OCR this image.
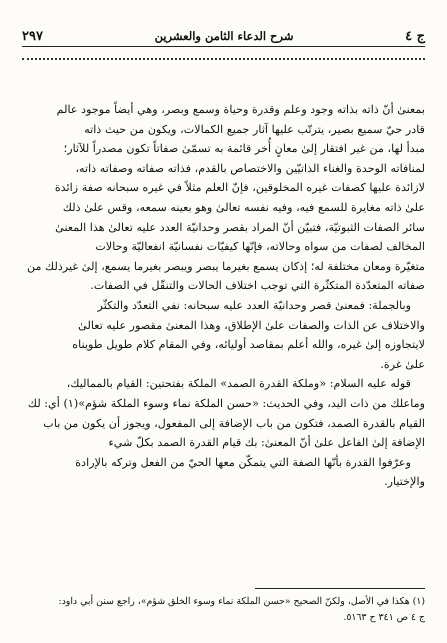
ج ٤
شرح الدعاء الثامن والعشرين
٢٩٧

بمعنىٰ أنّ ذاته بذاته وجود وعلم وقدرة وحياة وسمع وبصر، وهي أيضاً موجود عالم

قادر حيّ سميع بصير، يترتّب عليها آثار جميع الكمالات، ويكون من حيث ذاته

مبدأ لها، من غير افتقار إلىٰ معانٍ أُخر قائمة به تسمّىٰ صفاتاً تكون مصدراً للآثار؛

لمنافاته الوحدة والغناء الذاتيّين والاختصاص بالقدم، فذاته صفاته وصفاته ذاته،

لازائدة عليها كصفات غيره المخلوقين، فإنّ العلم مثلاً في غيره سبحانه صفة زائدة

علىٰ ذاته مغايرة للسمع فيه، وفيه نفسه تعالىٰ وهو بعينه سمعه، وقس علىٰ ذلك

سائر الصفات الثبوتيّة، فتبيّن أنّ المراد بقصر وحدانيّة العدد عليه تعالىٰ هذا المعنىٰ

المخالف لصفات من سواه وحالاته، فإنّها كيفيّات نفسانيّة انفعاليّة وحالات

متغيّرة ومعان مختلفة له؛ إذكان يسمع بغيرما يبصر ويبصر بغيرما يسمع، إلىٰ غيرذلك من

صفاته المتعدّدة المتكثّرة التي توجب اختلاف الحالات والتنقّل في الصفات.

وبالجملة: فمعنىٰ قصر وحدانيّة العدد عليه سبحانه: نفي التعدّد والتكثّر

والاختلاف عن الذات والصفات علىٰ الإطلاق، وهذا المعنىٰ مقصور عليه تعالىٰ

لايتجاوزه إلىٰ غيره، والله أعلم بمقاصد أوليائه، وفي المقام كلام طويل طويناه

علىٰ غرة.

قوله عليه السلام: «وملكة القدرة الصمد» الملكة بفتحتين: القيام بالمماليك،

وماعلك من ذات اليد، وفي الحديث: «حسن الملكة نماء وسوء الملكة شؤم»(١) أي: لك

القيام بالقدرة الصمد، فتكون من باب الإضافة إلى المفعول، ويجوز أن يكون من باب

الإضافة إلىٰ الفاعل علىٰ أنّ المعنىٰ: بك قيام القدرة الصمد بكلّ شيء

وعرّفوا القدرة بأنّها الصفة التي يتمكّن معها الحيّ من الفعل وتركه بالإرادة

والإختيار.

(١) هكذا في الأصل، ولكنّ الصحيح «حسن الملكة نماء وسوء الخلق شؤم»، راجع سنن أبي داود:

ج ٤ ص ٣٤١ ح ٥١٦٣.
